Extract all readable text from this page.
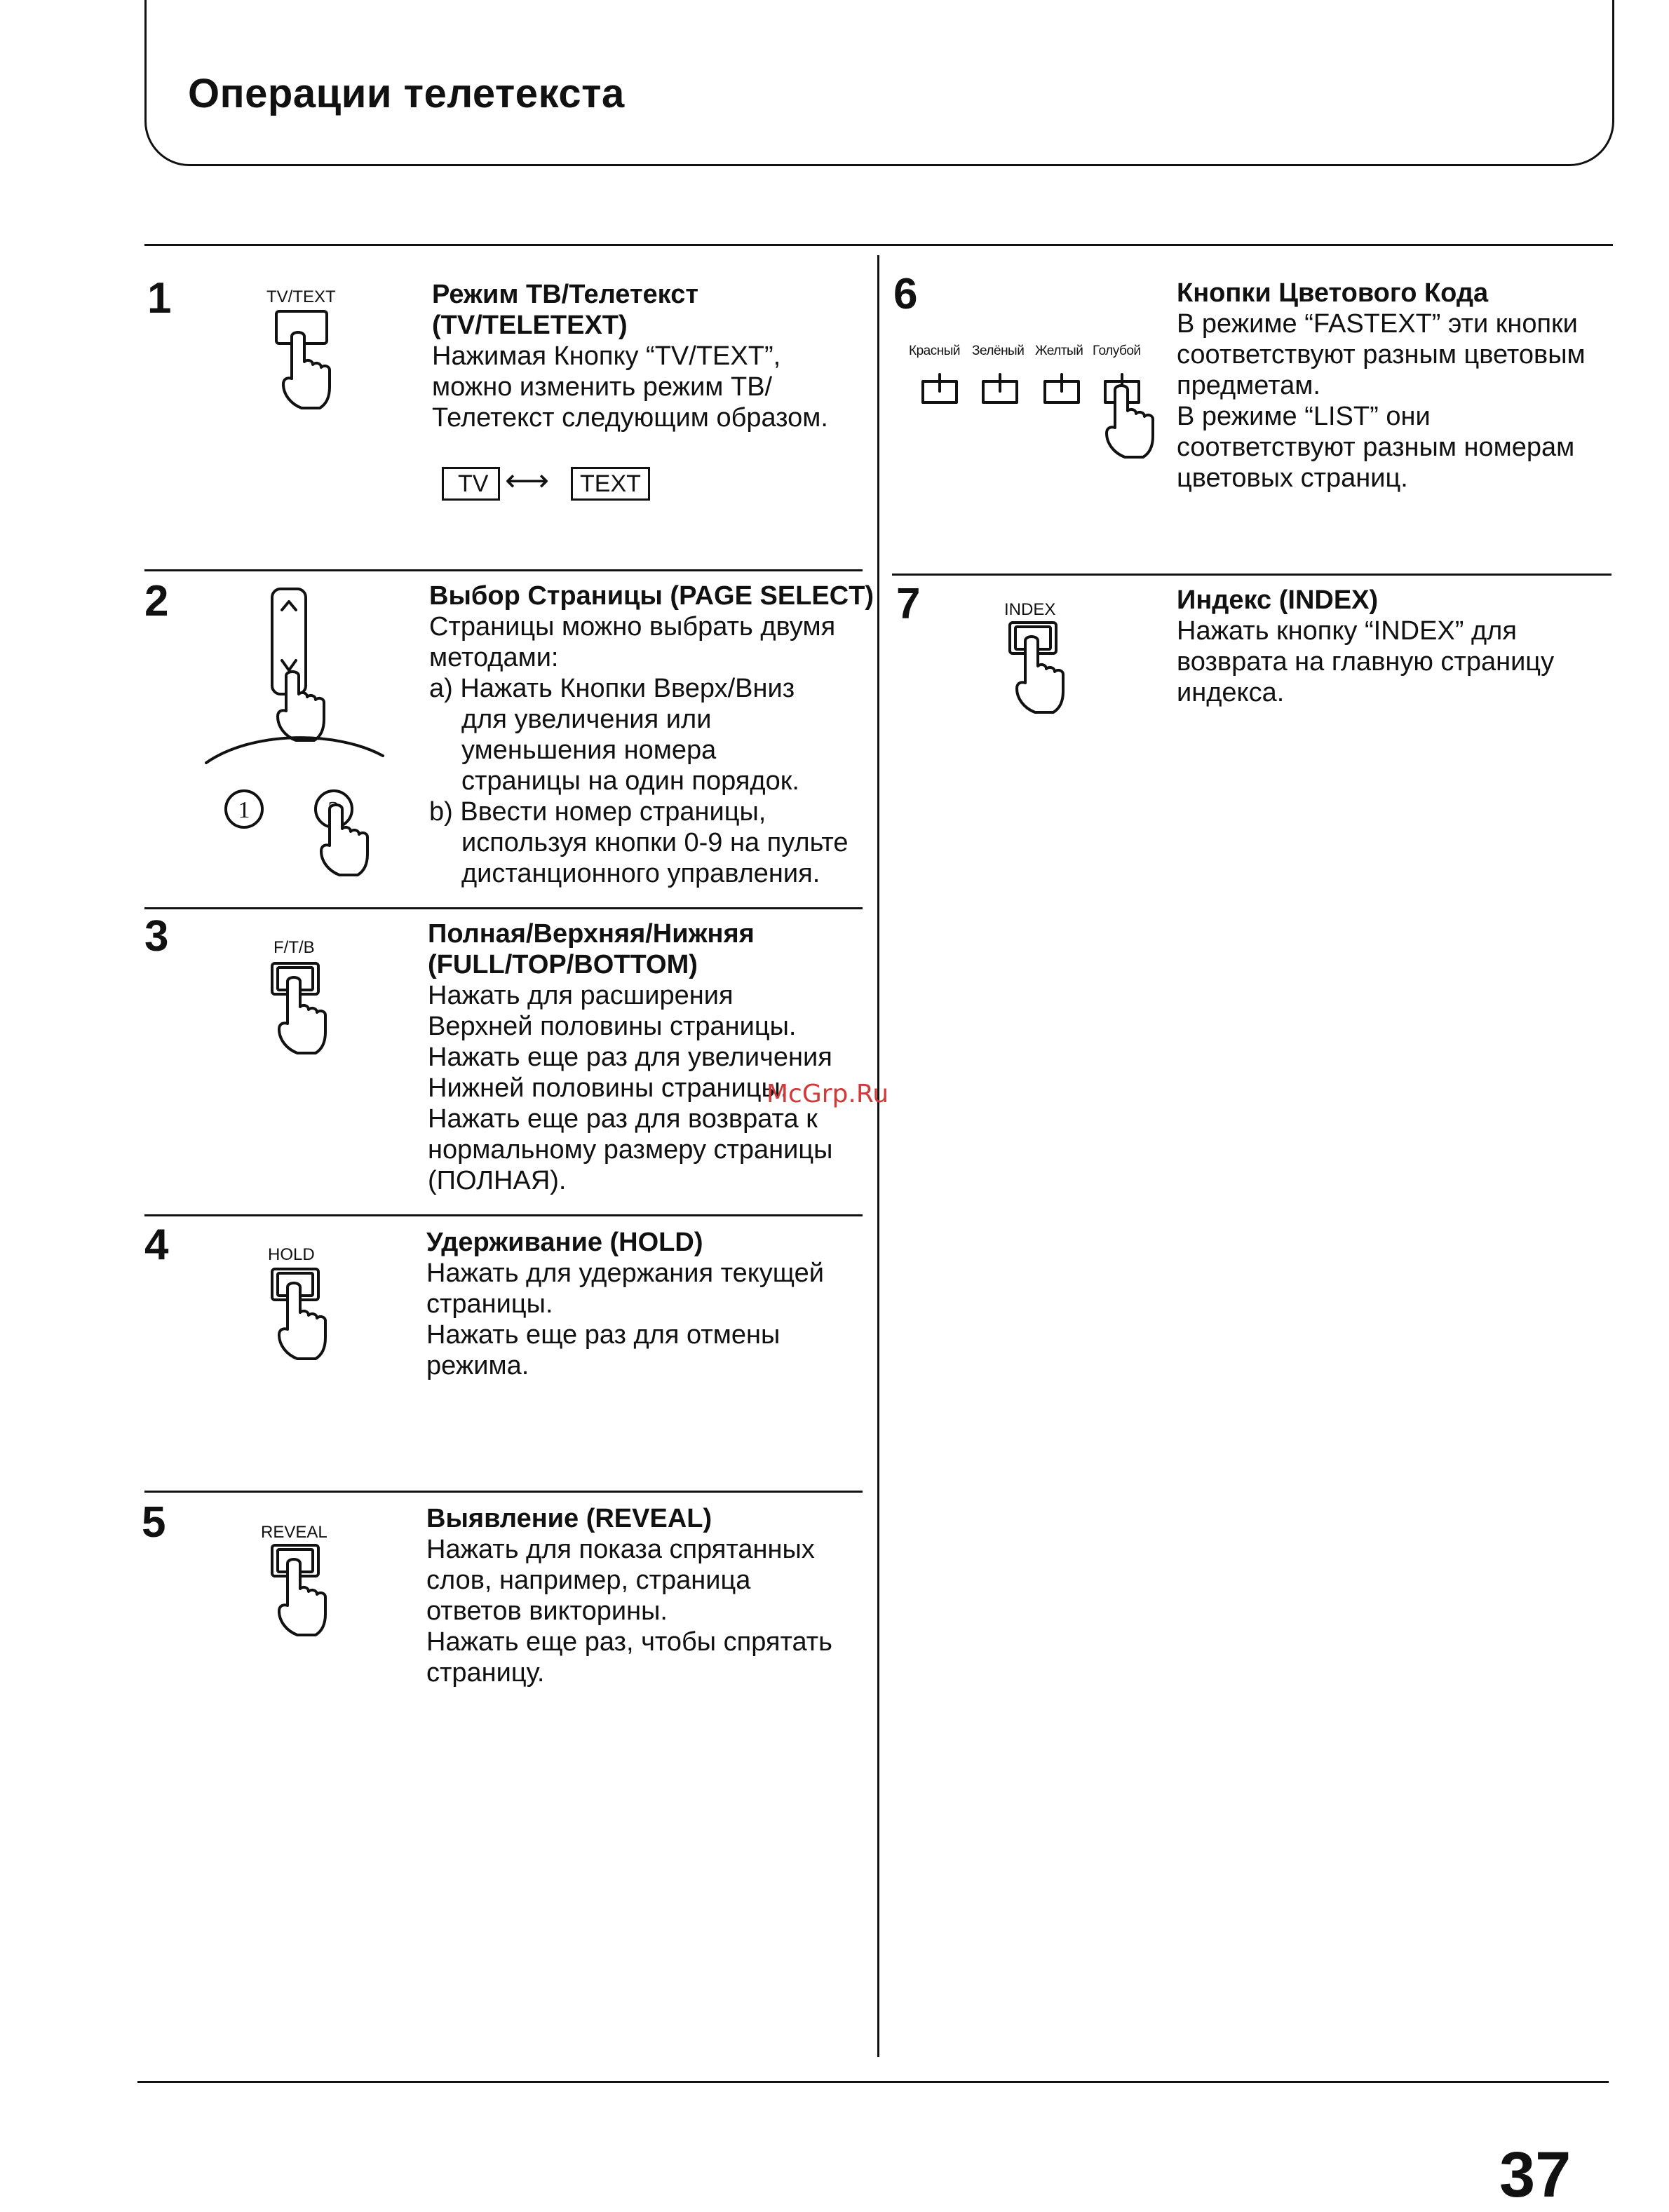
Операции телетекста
1	TV/TEXT	Режим ТВ/Телетекст
(TV/TELETEXT)
Нажимая Кнопку “TV/TEXT”,
можно изменить режим ТВ/
Телетекст следующим образом.
TV ⟷	TEXT
2
1
Выбор Страницы (PAGE SELECT)
Страницы можно выбрать двумя
методами:
а) Нажать Кнопки Вверх/Вниз
для увеличения или
уменьшения номера
страницы на один порядок.
b) Ввести номер страницы,
используя кнопки 0-9 на пульте
дистанционного управления.
3	F/T/B	Полная/Верхняя/Нижняя
(FULL/TOP/BOTTOM)
Нажать для расширения
Верхней половины страницы.
Нажать еще раз для увеличения
Нижней половины страницы.
Нажать еще раз для возврата к
нормальному размеру страницы
(ПОЛНАЯ).
McGrp.Ru
4	HOLD	Удерживание (HOLD)
Нажать для удержания текущей
страницы.
Нажать еще раз для отмены
режима.
5	REVEAL	Выявление (REVEAL)
Нажать для показа спрятанных
слов, например, страница
ответов викторины.
Нажать еще раз, чтобы спрятать
страницу.
6
Красный Зелёный Желтый Голубой
Кнопки Цветового Кода
В режиме “FASTEXT” эти кнопки
соответствуют разным цветовым
предметам.
В режиме “LIST” они
соответствуют разным номерам
цветовых страниц.
7	INDEX	Индекс (INDEX)
Нажать кнопку “INDEX” для
возврата на главную страницу
индекса.
37
